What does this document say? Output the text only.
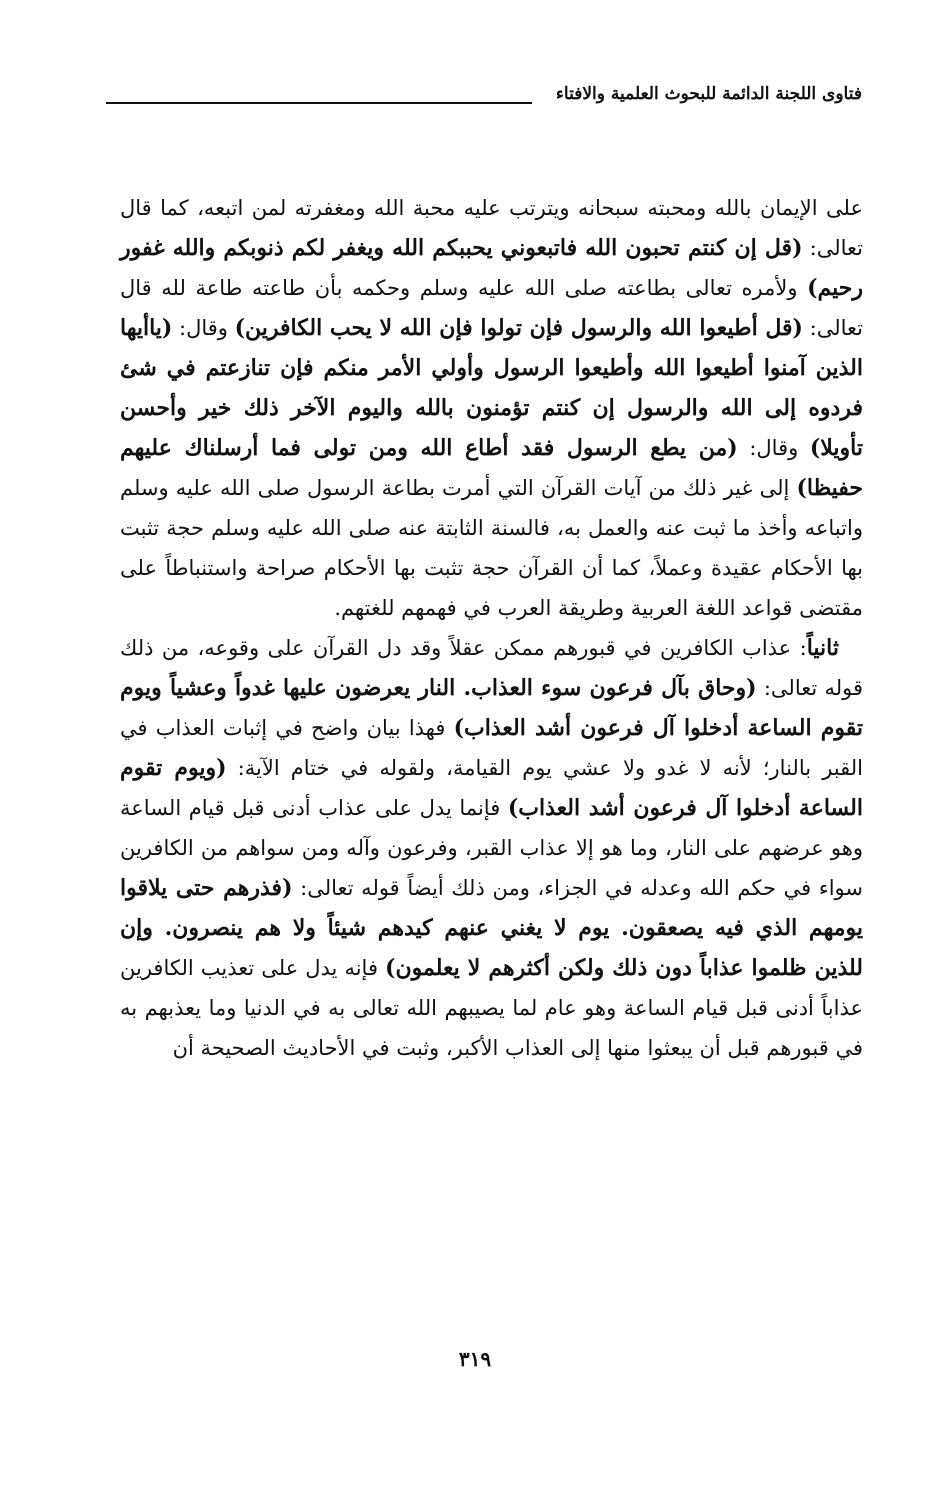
فتاوى اللجنة الدائمة للبحوث العلمية والافتاء

على الإيمان بالله ومحبته سبحانه ويترتب عليه محبة الله ومغفرته لمن اتبعه، كما قال تعالى: (قل إن كنتم تحبون الله فاتبعوني يحببكم الله ويغفر لكم ذنوبكم والله غفور رحيم) ولأمره تعالى بطاعته صلى الله عليه وسلم وحكمه بأن طاعته طاعة لله قال تعالى: (قل أطيعوا الله والرسول فإن تولوا فإن الله لا يحب الكافرين) وقال: (ياأيها الذين آمنوا أطيعوا الله وأطيعوا الرسول وأولي الأمر منكم فإن تنازعتم في شئ فردوه إلى الله والرسول إن كنتم تؤمنون بالله واليوم الآخر ذلك خير وأحسن تأويلا) وقال: (من يطع الرسول فقد أطاع الله ومن تولى فما أرسلناك عليهم حفيظا) إلى غير ذلك من آيات القرآن التي أمرت بطاعة الرسول صلى الله عليه وسلم واتباعه وأخذ ما ثبت عنه والعمل به، فالسنة الثابتة عنه صلى الله عليه وسلم حجة تثبت بها الأحكام عقيدة وعملاً، كما أن القرآن حجة تثبت بها الأحكام صراحة واستنباطاً على مقتضى قواعد اللغة العربية وطريقة العرب في فهمهم للغتهم.

ثانياً: عذاب الكافرين في قبورهم ممكن عقلاً وقد دل القرآن على وقوعه، من ذلك قوله تعالى: (وحاق بآل فرعون سوء العذاب. النار يعرضون عليها غدواً وعشياً ويوم تقوم الساعة أدخلوا آل فرعون أشد العذاب) فهذا بيان واضح في إثبات العذاب في القبر بالنار؛ لأنه لا غدو ولا عشي يوم القيامة، ولقوله في ختام الآية: (ويوم تقوم الساعة أدخلوا آل فرعون أشد العذاب) فإنما يدل على عذاب أدنى قبل قيام الساعة وهو عرضهم على النار، وما هو إلا عذاب القبر، وفرعون وآله ومن سواهم من الكافرين سواء في حكم الله وعدله في الجزاء، ومن ذلك أيضاً قوله تعالى: (فذرهم حتى يلاقوا يومهم الذي فيه يصعقون. يوم لا يغني عنهم كيدهم شيئاً ولا هم ينصرون. وإن للذين ظلموا عذاباً دون ذلك ولكن أكثرهم لا يعلمون) فإنه يدل على تعذيب الكافرين عذاباً أدنى قبل قيام الساعة وهو عام لما يصيبهم الله تعالى به في الدنيا وما يعذبهم به في قبورهم قبل أن يبعثوا منها إلى العذاب الأكبر، وثبت في الأحاديث الصحيحة أن

٣١٩
